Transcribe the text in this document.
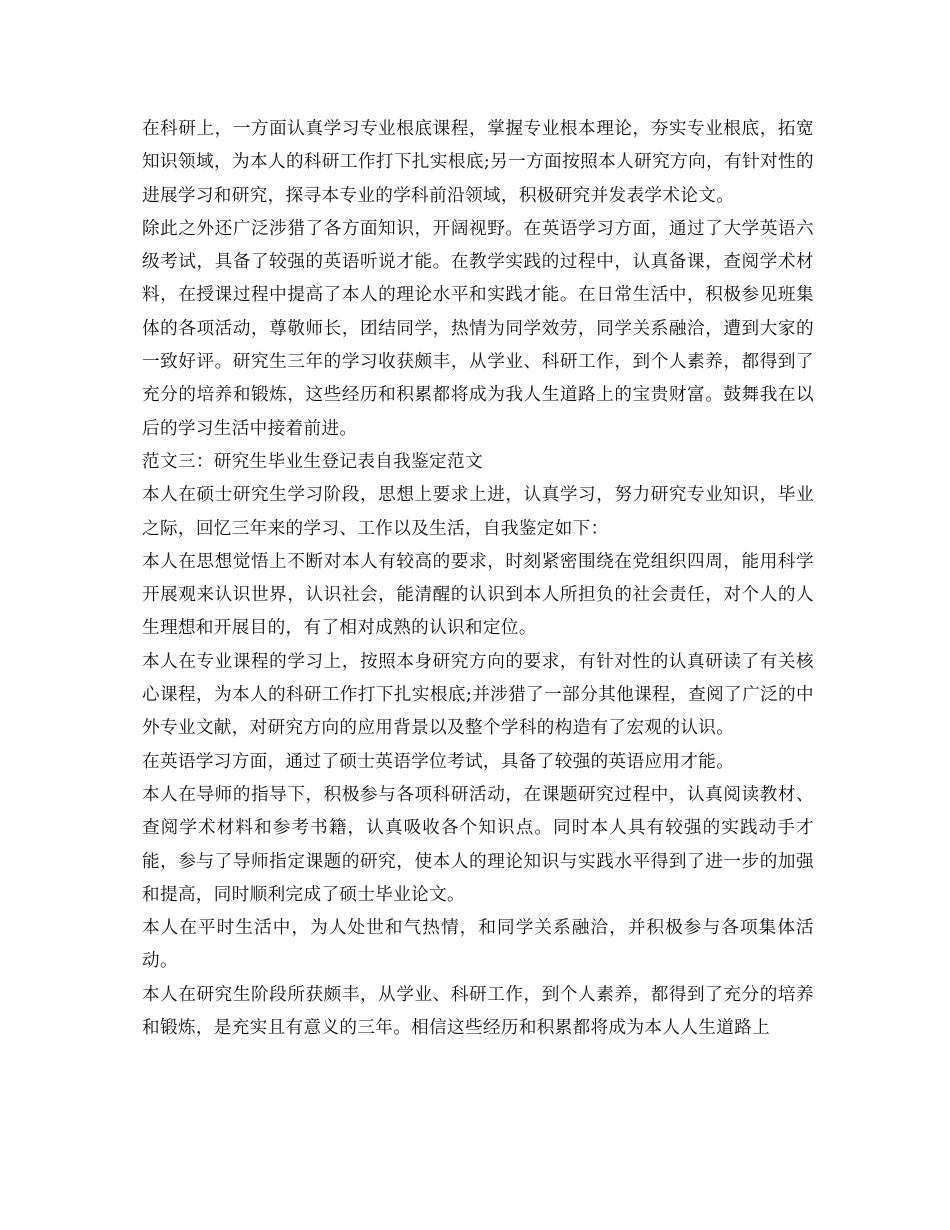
在科研上，一方面认真学习专业根底课程，掌握专业根本理论，夯实专业根底，拓宽知识领域，为本人的科研工作打下扎实根底;另一方面按照本人研究方向，有针对性的进展学习和研究，探寻本专业的学科前沿领域，积极研究并发表学术论文。

除此之外还广泛涉猎了各方面知识，开阔视野。在英语学习方面，通过了大学英语六级考试，具备了较强的英语听说才能。在教学实践的过程中，认真备课，查阅学术材料，在授课过程中提高了本人的理论水平和实践才能。在日常生活中，积极参见班集体的各项活动，尊敬师长，团结同学，热情为同学效劳，同学关系融洽，遭到大家的一致好评。研究生三年的学习收获颇丰，从学业、科研工作，到个人素养，都得到了充分的培养和锻炼，这些经历和积累都将成为我人生道路上的宝贵财富。鼓舞我在以后的学习生活中接着前进。

范文三：研究生毕业生登记表自我鉴定范文

本人在硕士研究生学习阶段，思想上要求上进，认真学习，努力研究专业知识，毕业之际，回忆三年来的学习、工作以及生活，自我鉴定如下：

本人在思想觉悟上不断对本人有较高的要求，时刻紧密围绕在党组织四周，能用科学开展观来认识世界，认识社会，能清醒的认识到本人所担负的社会责任，对个人的人生理想和开展目的，有了相对成熟的认识和定位。

本人在专业课程的学习上，按照本身研究方向的要求，有针对性的认真研读了有关核心课程，为本人的科研工作打下扎实根底;并涉猎了一部分其他课程，查阅了广泛的中外专业文献，对研究方向的应用背景以及整个学科的构造有了宏观的认识。

在英语学习方面，通过了硕士英语学位考试，具备了较强的英语应用才能。

本人在导师的指导下，积极参与各项科研活动，在课题研究过程中，认真阅读教材、查阅学术材料和参考书籍，认真吸收各个知识点。同时本人具有较强的实践动手才能，参与了导师指定课题的研究，使本人的理论知识与实践水平得到了进一步的加强和提高，同时顺利完成了硕士毕业论文。

本人在平时生活中，为人处世和气热情，和同学关系融洽，并积极参与各项集体活动。

本人在研究生阶段所获颇丰，从学业、科研工作，到个人素养，都得到了充分的培养和锻炼，是充实且有意义的三年。相信这些经历和积累都将成为本人人生道路上
